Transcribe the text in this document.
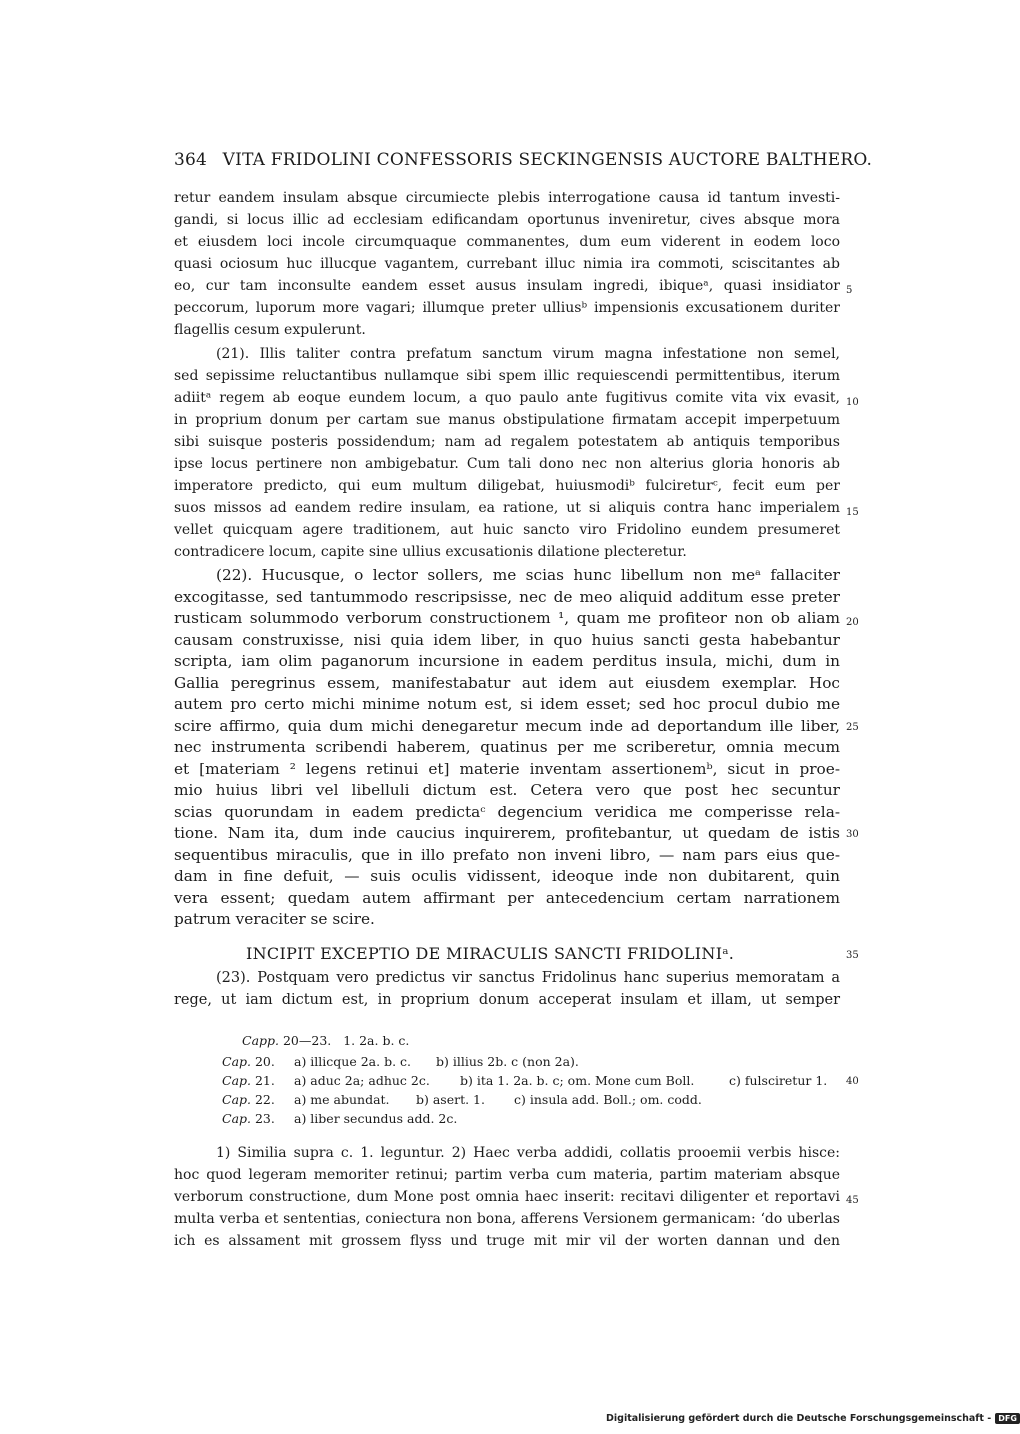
364 VITA FRIDOLINI CONFESSORIS SECKINGENSIS AUCTORE BALTHERO.
retur eandem insulam absque circumiecte plebis interrogatione causa id tantum investi-
gandi, si locus illic ad ecclesiam edificandam oportunus inveniretur, cives absque mora
et eiusdem loci incole circumquaque commanentes, dum eum viderent in eodem loco
quasi ociosum huc illucque vagantem, currebant illuc nimia ira commoti, sciscitantes ab
eo, cur tam inconsulte eandem esset ausus insulam ingredi, ibiqueᵃ, quasi insidiator
peccorum, luporum more vagari; illumque preter ulliusᵇ impensionis excusationem duriter
flagellis cesum expulerunt.
(21). Illis taliter contra prefatum sanctum virum magna infestatione non semel,
sed sepissime reluctantibus nullamque sibi spem illic requiescendi permittentibus, iterum
adiitᵃ regem ab eoque eundem locum, a quo paulo ante fugitivus comite vita vix evasit,
in proprium donum per cartam sue manus obstipulatione firmatam accepit imperpetuum
sibi suisque posteris possidendum; nam ad regalem potestatem ab antiquis temporibus
ipse locus pertinere non ambigebatur. Cum tali dono nec non alterius gloria honoris ab
imperatore predicto, qui eum multum diligebat, huiusmodiᵇ fulcireturᶜ, fecit eum per
suos missos ad eandem redire insulam, ea ratione, ut si aliquis contra hanc imperialem
vellet quicquam agere traditionem, aut huic sancto viro Fridolino eundem presumeret
contradicere locum, capite sine ullius excusationis dilatione plecteretur.
(22). Hucusque, o lector sollers, me scias hunc libellum non meᵃ fallaciter
excogitasse, sed tantummodo rescripsisse, nec de meo aliquid additum esse preter
rusticam solummodo verborum constructionem ¹, quam me profiteor non ob aliam
causam construxisse, nisi quia idem liber, in quo huius sancti gesta habebantur
scripta, iam olim paganorum incursione in eadem perditus insula, michi, dum in
Gallia peregrinus essem, manifestabatur aut idem aut eiusdem exemplar. Hoc
autem pro certo michi minime notum est, si idem esset; sed hoc procul dubio me
scire affirmo, quia dum michi denegaretur mecum inde ad deportandum ille liber,
nec instrumenta scribendi haberem, quatinus per me scriberetur, omnia mecum
et [materiam ² legens retinui et] materie inventam assertionemᵇ, sicut in proe-
mio huius libri vel libelluli dictum est. Cetera vero que post hec secuntur
scias quorundam in eadem predictaᶜ degencium veridica me comperisse rela-
tione. Nam ita, dum inde caucius inquirerem, profitebantur, ut quedam de istis
sequentibus miraculis, que in illo prefato non inveni libro, — nam pars eius que-
dam in fine defuit, — suis oculis vidissent, ideoque inde non dubitarent, quin
vera essent; quedam autem affirmant per antecedencium certam narrationem
patrum veraciter se scire.
INCIPIT EXCEPTIO DE MIRACULIS SANCTI FRIDOLINIᵃ.
(23). Postquam vero predictus vir sanctus Fridolinus hanc superius memoratam a
rege, ut iam dictum est, in proprium donum acceperat insulam et illam, ut semper
Capp. 20—23. 1. 2a. b. c.
Cap. 20. a) illicque 2a. b. c. b) illius 2b. c (non 2a).
Cap. 21. a) aduc 2a; adhuc 2c. b) ita 1. 2a. b. c; om. Mone cum Boll.	c) fulsciretur 1.
Cap. 22. a) me abundat. b) asert. 1. c) insula add. Boll.; om. codd.
Cap. 23. a) liber secundus add. 2c.
1) Similia supra c. 1. leguntur. 2) Haec verba addidi, collatis prooemii verbis hisce:
hoc quod legeram memoriter retinui; partim verba cum materia, partim materiam absque
verborum constructione, dum Mone post omnia haec inserit: recitavi diligenter et reportavi
multa verba et sententias, coniectura non bona, afferens Versionem germanicam: ‘do uberlas
ich es alssament mit grossem flyss und truge mit mir vil der worten dannan und den
5
10
15
20
25
30
35
40
45
Digitalisierung gefördert durch die Deutsche Forschungsgemeinschaft - DFG
